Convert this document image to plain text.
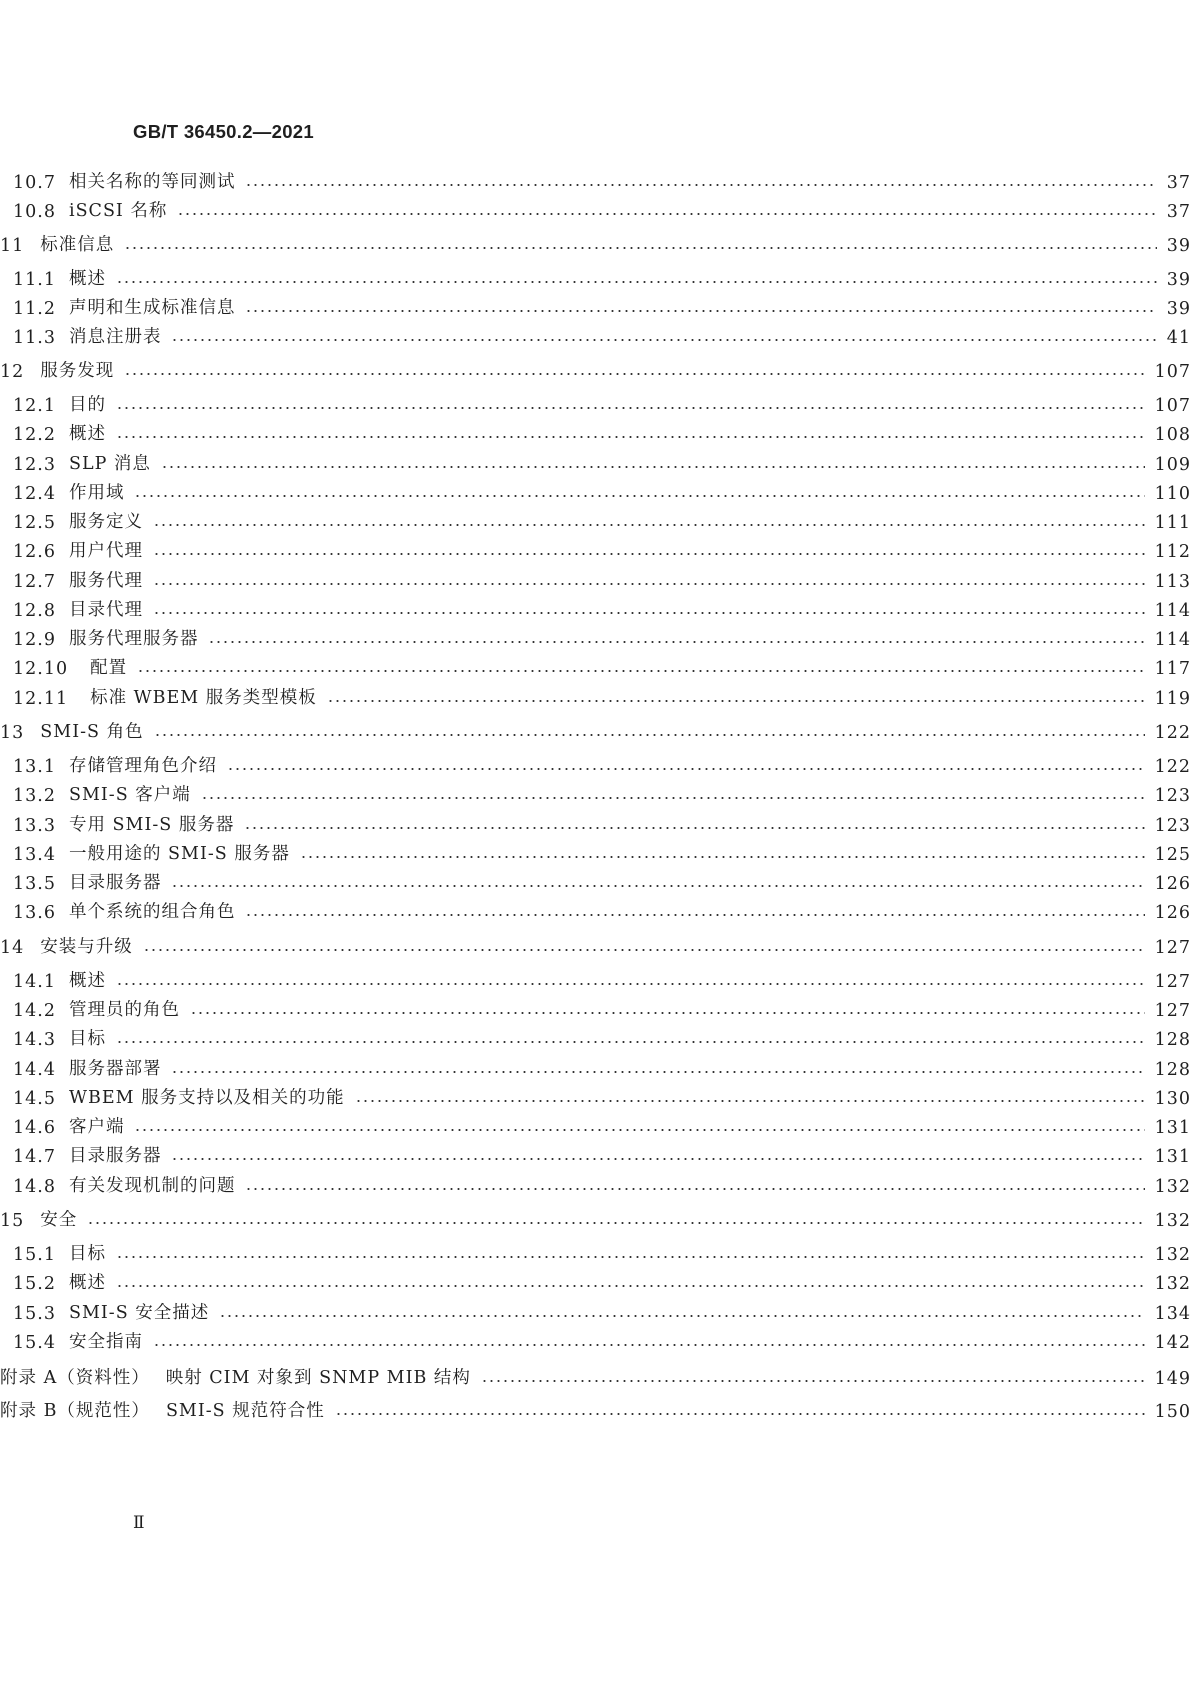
GB/T 36450.2—2021
10.7 相关名称的等同测试	37
10.8 iSCSI 名称	37
11 标准信息	39
11.1 概述	39
11.2 声明和生成标准信息	39
11.3 消息注册表	41
12 服务发现	107
12.1 目的	107
12.2 概述	108
12.3 SLP 消息	109
12.4 作用域	110
12.5 服务定义	111
12.6 用户代理	112
12.7 服务代理	113
12.8 目录代理	114
12.9 服务代理服务器	114
12.10	配置	117
12.11	标准 WBEM 服务类型模板	119
13 SMI-S 角色	122
13.1 存储管理角色介绍	122
13.2 SMI-S 客户端	123
13.3 专用 SMI-S 服务器	123
13.4 一般用途的 SMI-S 服务器	125
13.5 目录服务器	126
13.6 单个系统的组合角色	126
14 安装与升级	127
14.1 概述	127
14.2 管理员的角色	127
14.3 目标	128
14.4 服务器部署	128
14.5 WBEM 服务支持以及相关的功能	130
14.6 客户端	131
14.7 目录服务器	131
14.8 有关发现机制的问题	132
15 安全	132
15.1 目标	132
15.2 概述	132
15.3 SMI-S 安全描述	134
15.4 安全指南	142
附录 A（资料性） 映射 CIM 对象到 SNMP MIB 结构	149
附录 B（规范性） SMI-S 规范符合性	150
Ⅱ
